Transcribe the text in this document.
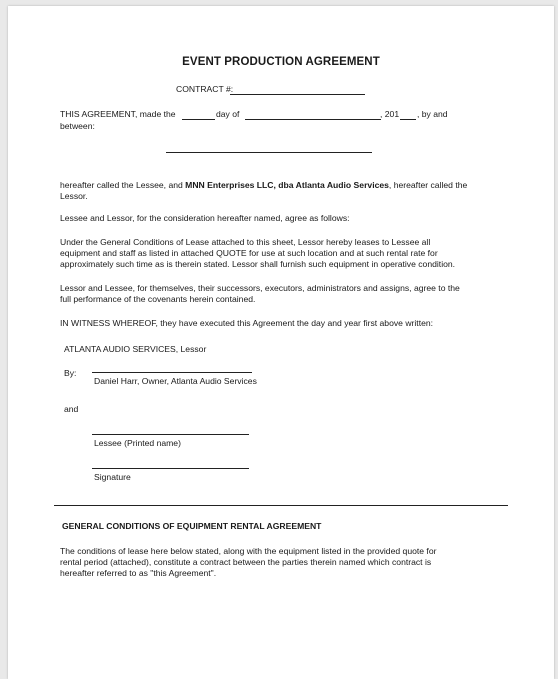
EVENT PRODUCTION AGREEMENT
CONTRACT #:
THIS AGREEMENT, made the	day of	, 201 , by and
between:
hereafter called the Lessee, and MNN Enterprises LLC, dba Atlanta Audio Services, hereafter called the
Lessor.
Lessee and Lessor, for the consideration hereafter named, agree as follows:
Under the General Conditions of Lease attached to this sheet, Lessor hereby leases to Lessee all
equipment and staff as listed in attached QUOTE for use at such location and at such rental rate for
approximately such time as is therein stated. Lessor shall furnish such equipment in operative condition.
Lessor and Lessee, for themselves, their successors, executors, administrators and assigns, agree to the
full performance of the covenants herein contained.
IN WITNESS WHEREOF, they have executed this Agreement the day and year first above written:
ATLANTA AUDIO SERVICES, Lessor
By:
Daniel Harr, Owner, Atlanta Audio Services
and
Lessee (Printed name)
Signature
GENERAL CONDITIONS OF EQUIPMENT RENTAL AGREEMENT
The conditions of lease here below stated, along with the equipment listed in the provided quote for
rental period (attached), constitute a contract between the parties therein named which contract is
hereafter referred to as "this Agreement".
